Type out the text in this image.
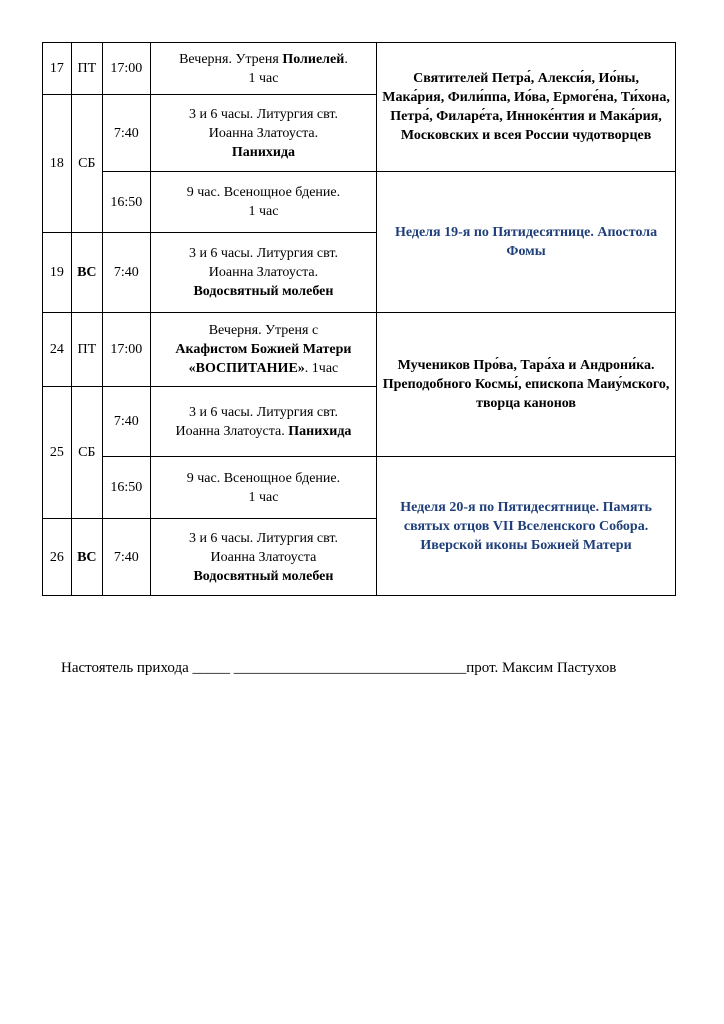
17	ПТ	17:00	Вечерня. Утреня Полиелей.
1 час	Святителей Петра́, Алекси́я, Ио́ны, Мака́рия, Фили́ппа, Ио́ва, Ермоге́на, Ти́хона, Петра́, Филаре́та, Инноке́нтия и Мака́рия, Московских и всея России чудотворцев
18	СБ	7:40	3 и 6 часы. Литургия свт.
Иоанна Златоуста.
Панихида	
		16:50	9 час. Всенощное бдение.
1 час	Неделя 19-я по Пятидесятнице. Апостола Фомы
19	ВС	7:40	3 и 6 часы. Литургия свт.
Иоанна Златоуста.
Водосвятный молебен	
24	ПТ	17:00	Вечерня. Утреня с
Акафистом Божией Матери
«ВОСПИТАНИЕ». 1час	Мучеников Про́ва, Тара́ха и Андрони́ка. Преподобного Космы́, епископа Маиу́мского, творца канонов
25	СБ	7:40	3 и 6 часы. Литургия свт.
Иоанна Златоуста. Панихида	
		16:50	9 час. Всенощное бдение.
1 час	Неделя 20-я по Пятидесятнице. Память святых отцов VII Вселенского Собора. Иверской иконы Божией Матери
26	ВС	7:40	3 и 6 часы. Литургия свт.
Иоанна Златоуста
Водосвятный молебен	
Настоятель прихода _____ _______________________________прот. Максим Пастухов
